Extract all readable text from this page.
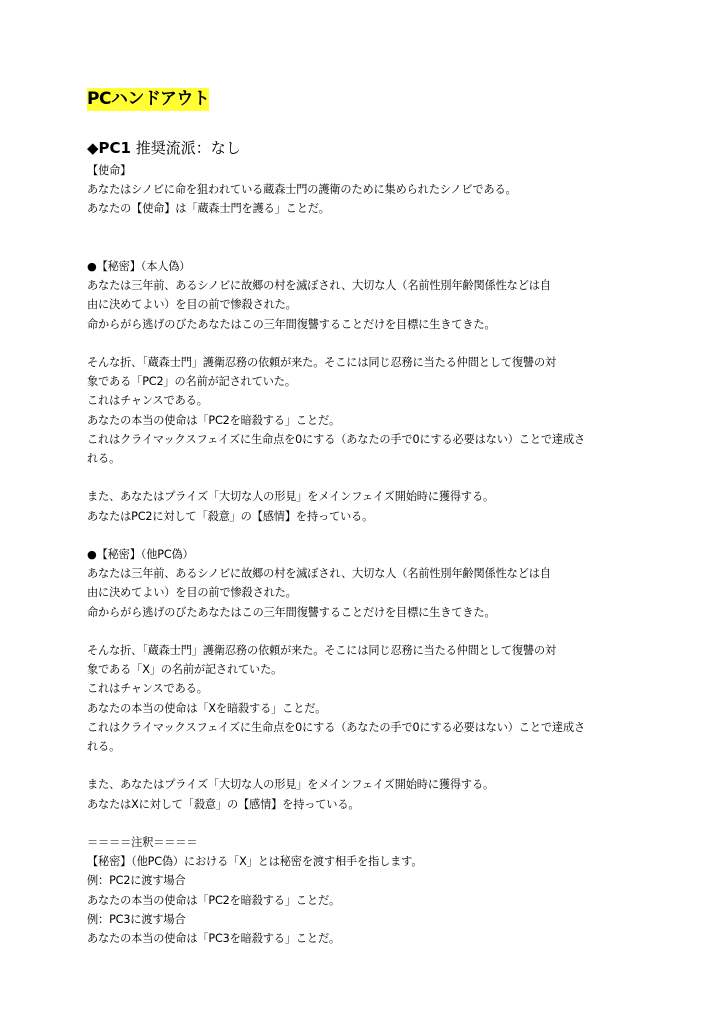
PCハンドアウト
◆PC1 推奨流派：なし
【使命】
あなたはシノビに命を狙われている蔵森士門の護衛のために集められたシノビである。
あなたの【使命】は「蔵森士門を護る」ことだ。
●【秘密】（本人偽）
あなたは三年前、あるシノビに故郷の村を滅ぼされ、大切な人（名前性別年齢関係性などは自
由に決めてよい）を目の前で惨殺された。
命からがら逃げのびたあなたはこの三年間復讐することだけを目標に生きてきた。
そんな折、「蔵森士門」護衛忍務の依頼が来た。そこには同じ忍務に当たる仲間として復讐の対
象である「PC2」の名前が記されていた。
これはチャンスである。
あなたの本当の使命は「PC2を暗殺する」ことだ。
これはクライマックスフェイズに生命点を0にする（あなたの手で0にする必要はない）ことで達成さ
れる。
また、あなたはプライズ「大切な人の形見」をメインフェイズ開始時に獲得する。
あなたはPC2に対して「殺意」の【感情】を持っている。
●【秘密】（他PC偽）
あなたは三年前、あるシノビに故郷の村を滅ぼされ、大切な人（名前性別年齢関係性などは自
由に決めてよい）を目の前で惨殺された。
命からがら逃げのびたあなたはこの三年間復讐することだけを目標に生きてきた。
そんな折、「蔵森士門」護衛忍務の依頼が来た。そこには同じ忍務に当たる仲間として復讐の対
象である「X」の名前が記されていた。
これはチャンスである。
あなたの本当の使命は「Xを暗殺する」ことだ。
これはクライマックスフェイズに生命点を0にする（あなたの手で0にする必要はない）ことで達成さ
れる。
また、あなたはプライズ「大切な人の形見」をメインフェイズ開始時に獲得する。
あなたはXに対して「殺意」の【感情】を持っている。
＝＝＝＝注釈＝＝＝＝
【秘密】（他PC偽）における「X」とは秘密を渡す相手を指します。
例：PC2に渡す場合
あなたの本当の使命は「PC2を暗殺する」ことだ。
例：PC3に渡す場合
あなたの本当の使命は「PC3を暗殺する」ことだ。
